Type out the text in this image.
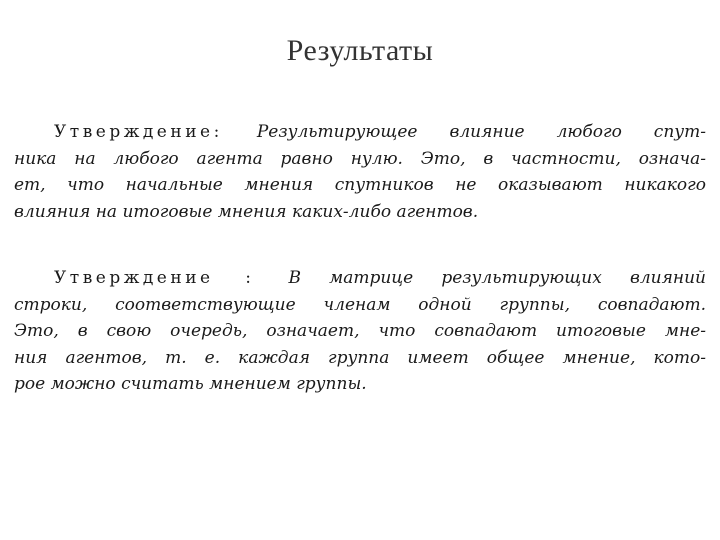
Результаты
Утверждение: Результирующее влияние любого спут-
ника на любого агента равно нулю. Это, в частности, означа-
ет, что начальные мнения спутников не оказывают никакого
влияния на итоговые мнения каких-либо агентов.
Утверждение : В матрице результирующих влияний
строки, соответствующие членам одной группы, совпадают.
Это, в свою очередь, означает, что совпадают итоговые мне-
ния агентов, т. е. каждая группа имеет общее мнение, кото-
рое можно считать мнением группы.
